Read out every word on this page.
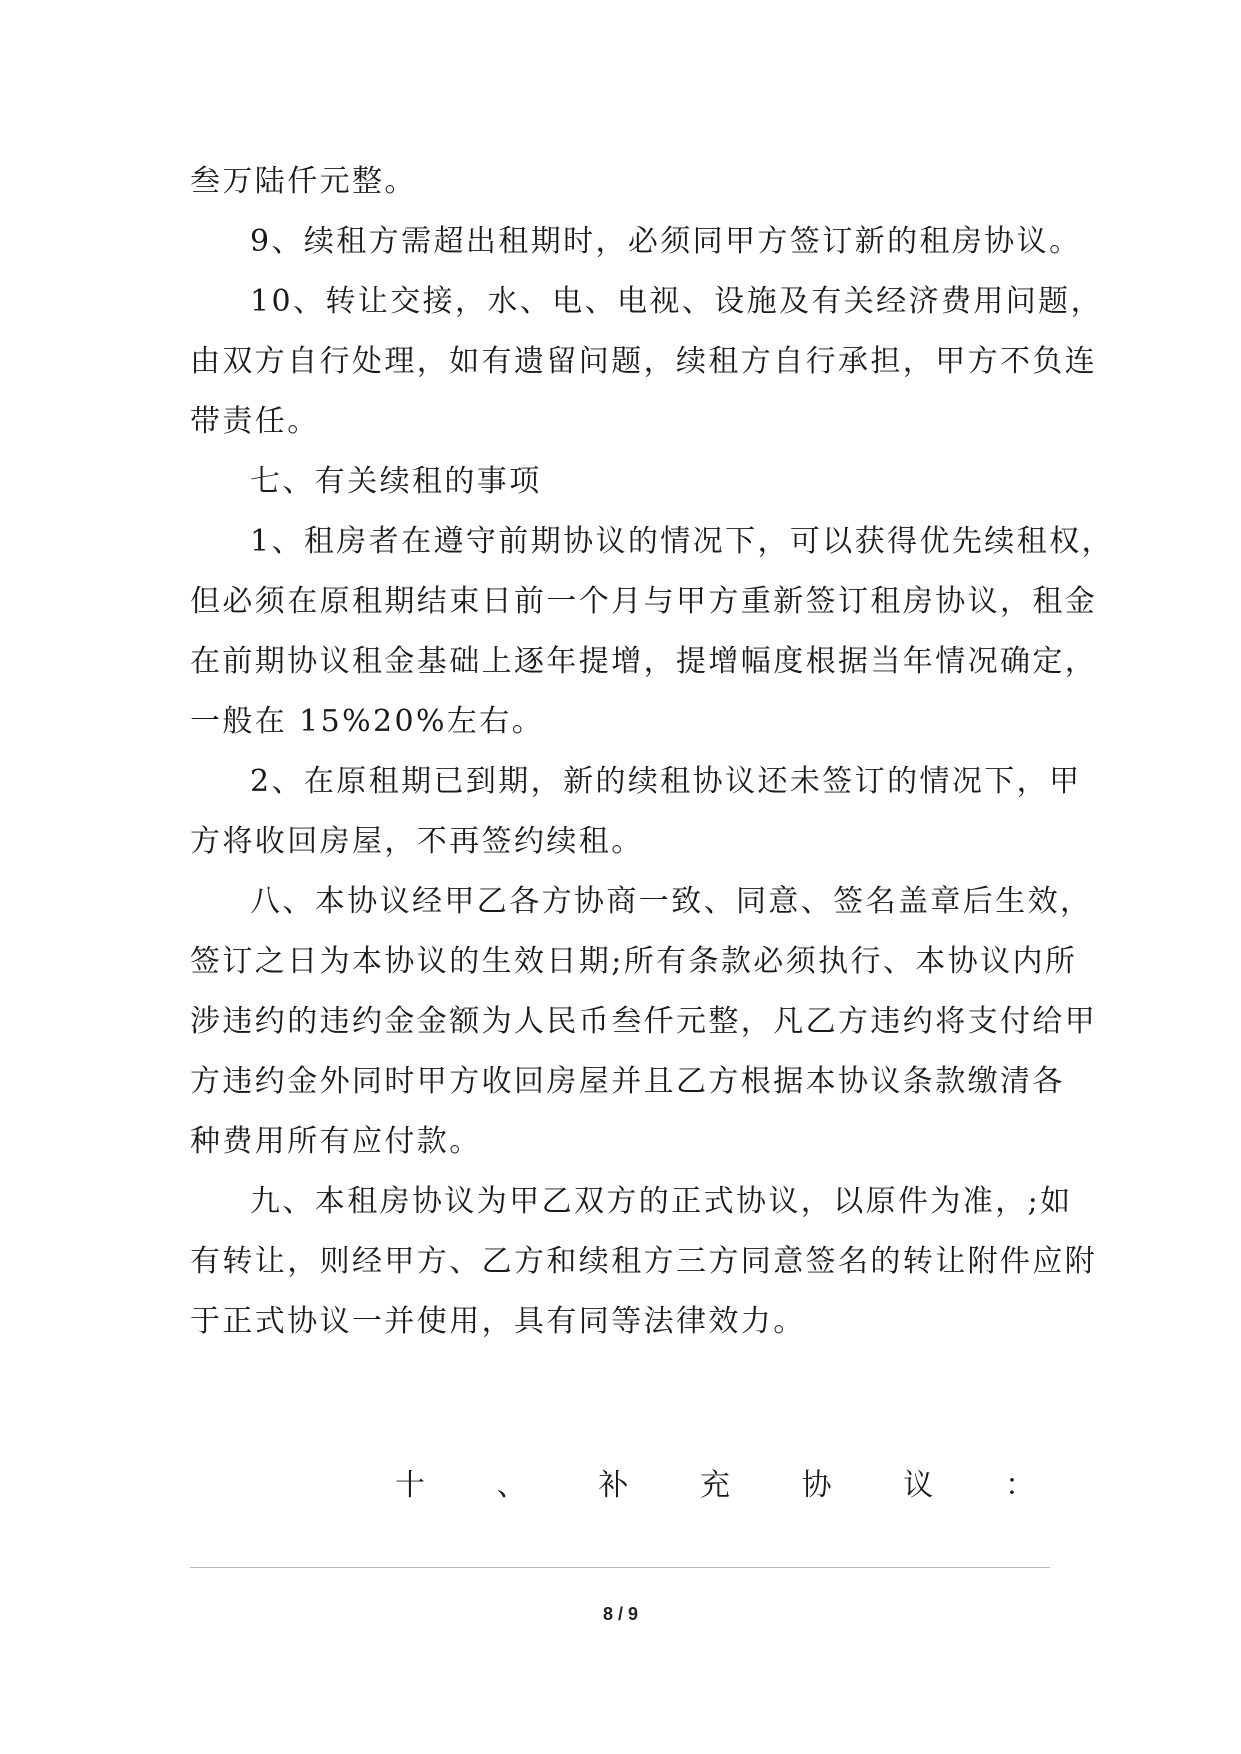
叁万陆仟元整。
9、续租方需超出租期时，必须同甲方签订新的租房协议。
10、转让交接，水、电、电视、设施及有关经济费用问题，
由双方自行处理，如有遗留问题，续租方自行承担，甲方不负连
带责任。
七、有关续租的事项
1、租房者在遵守前期协议的情况下，可以获得优先续租权，
但必须在原租期结束日前一个月与甲方重新签订租房协议，租金
在前期协议租金基础上逐年提增，提增幅度根据当年情况确定，
一般在 15%20%左右。
2、在原租期已到期，新的续租协议还未签订的情况下，甲
方将收回房屋，不再签约续租。
八、本协议经甲乙各方协商一致、同意、签名盖章后生效，
签订之日为本协议的生效日期;所有条款必须执行、本协议内所
涉违约的违约金金额为人民币叁仟元整，凡乙方违约将支付给甲
方违约金外同时甲方收回房屋并且乙方根据本协议条款缴清各
种费用所有应付款。
九、本租房协议为甲乙双方的正式协议，以原件为准，;如
有转让，则经甲方、乙方和续租方三方同意签名的转让附件应附
于正式协议一并使用，具有同等法律效力。
十 、 补 充 协 议 ：
8 / 9
